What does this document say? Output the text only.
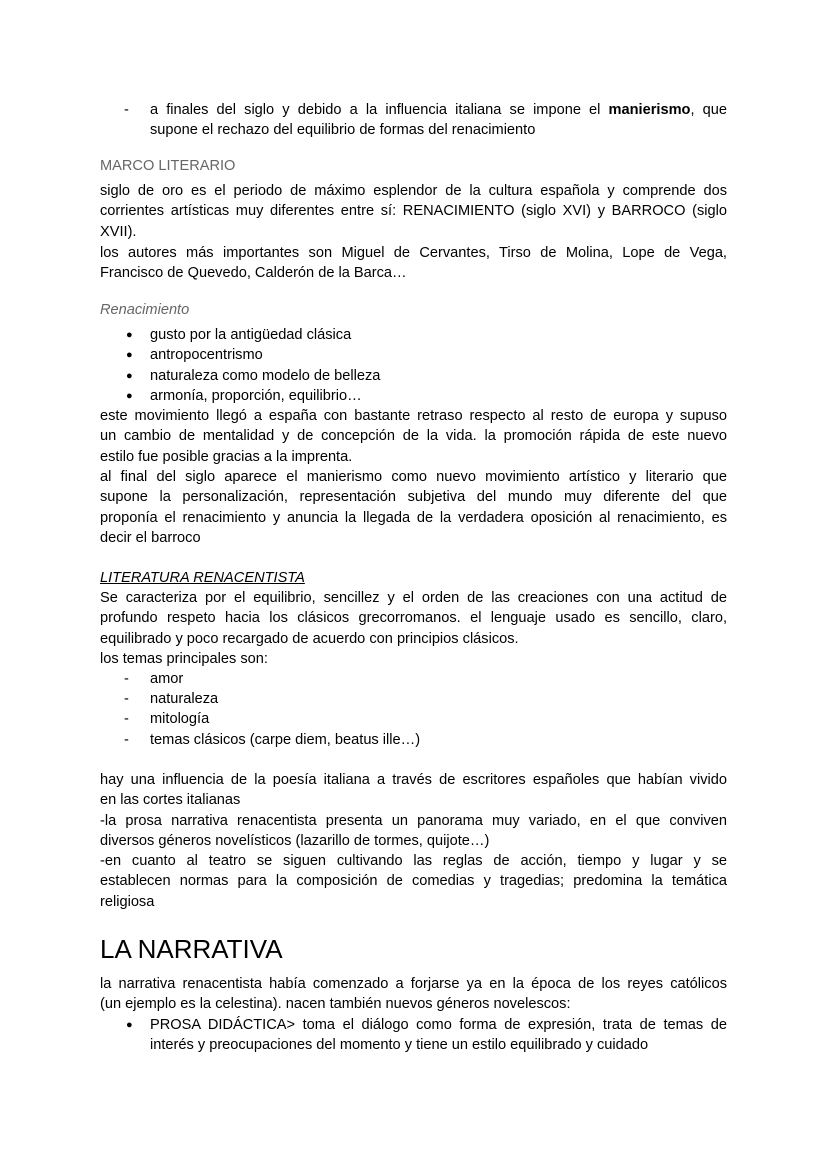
- a finales del siglo y debido a la influencia italiana se impone el manierismo, que
supone el rechazo del equilibrio de formas del renacimiento
MARCO LITERARIO
siglo de oro es el periodo de máximo esplendor de la cultura española y comprende dos
corrientes artísticas muy diferentes entre sí: RENACIMIENTO (siglo XVI) y BARROCO (siglo
XVII).
los autores más importantes son Miguel de Cervantes, Tirso de Molina, Lope de Vega,
Francisco de Quevedo, Calderón de la Barca…
Renacimiento
● gusto por la antigüedad clásica
● antropocentrismo
● naturaleza como modelo de belleza
● armonía, proporción, equilibrio…
este movimiento llegó a españa con bastante retraso respecto al resto de europa y supuso
un cambio de mentalidad y de concepción de la vida. la promoción rápida de este nuevo
estilo fue posible gracias a la imprenta.
al final del siglo aparece el manierismo como nuevo movimiento artístico y literario que
supone la personalización, representación subjetiva del mundo muy diferente del que
proponía el renacimiento y anuncia la llegada de la verdadera oposición al renacimiento, es
decir el barroco
LITERATURA RENACENTISTA
Se caracteriza por el equilibrio, sencillez y el orden de las creaciones con una actitud de
profundo respeto hacia los clásicos grecorromanos. el lenguaje usado es sencillo, claro,
equilibrado y poco recargado de acuerdo con principios clásicos.
los temas principales son:
- amor
- naturaleza
- mitología
- temas clásicos (carpe diem, beatus ille…)
hay una influencia de la poesía italiana a través de escritores españoles que habían vivido
en las cortes italianas
-la prosa narrativa renacentista presenta un panorama muy variado, en el que conviven
diversos géneros novelísticos (lazarillo de tormes, quijote…)
-en cuanto al teatro se siguen cultivando las reglas de acción, tiempo y lugar y se
establecen normas para la composición de comedias y tragedias; predomina la temática
religiosa
LA NARRATIVA
la narrativa renacentista había comenzado a forjarse ya en la época de los reyes católicos
(un ejemplo es la celestina). nacen también nuevos géneros novelescos:
● PROSA DIDÁCTICA> toma el diálogo como forma de expresión, trata de temas de
interés y preocupaciones del momento y tiene un estilo equilibrado y cuidado
